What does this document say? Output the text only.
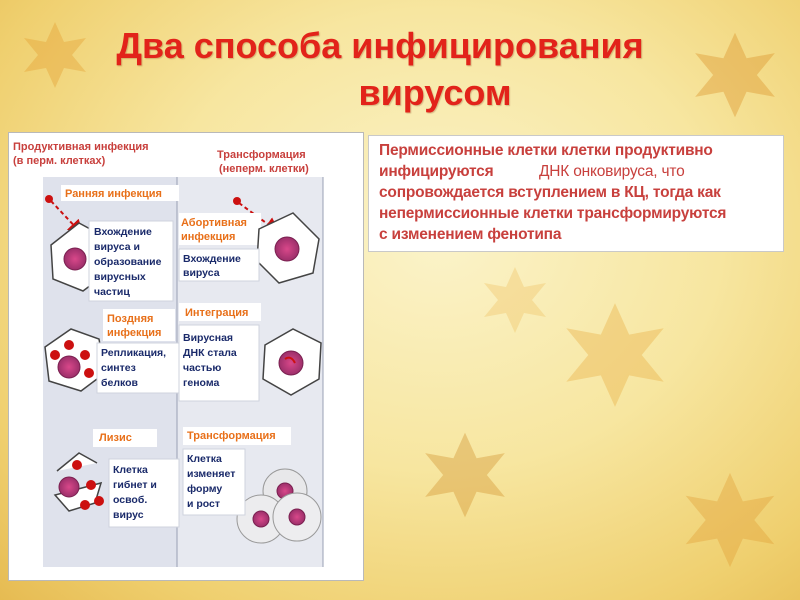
Два способа инфицирования
вирусом
Продуктивная инфекция
(в перм. клетках)	Трансформация
(неперм. клетки)
Ранняя инфекция
Вхождение вируса и образование вирусных частиц
Абортивная инфекция
Вхождение вируса
Поздняя инфекция
Интеграция
Репликация, синтез белков
Вирусная ДНК стала частью генома
Лизис	Трансформация
Клетка гибнет и освоб. вирус
Клетка изменяет форму и рост
Пермиссионные клетки клетки продуктивно
инфицируются	ДНК онковируса, что
сопровождается вступлением в КЦ, тогда как
непермиссионные клетки трансформируются
с изменением фенотипа
